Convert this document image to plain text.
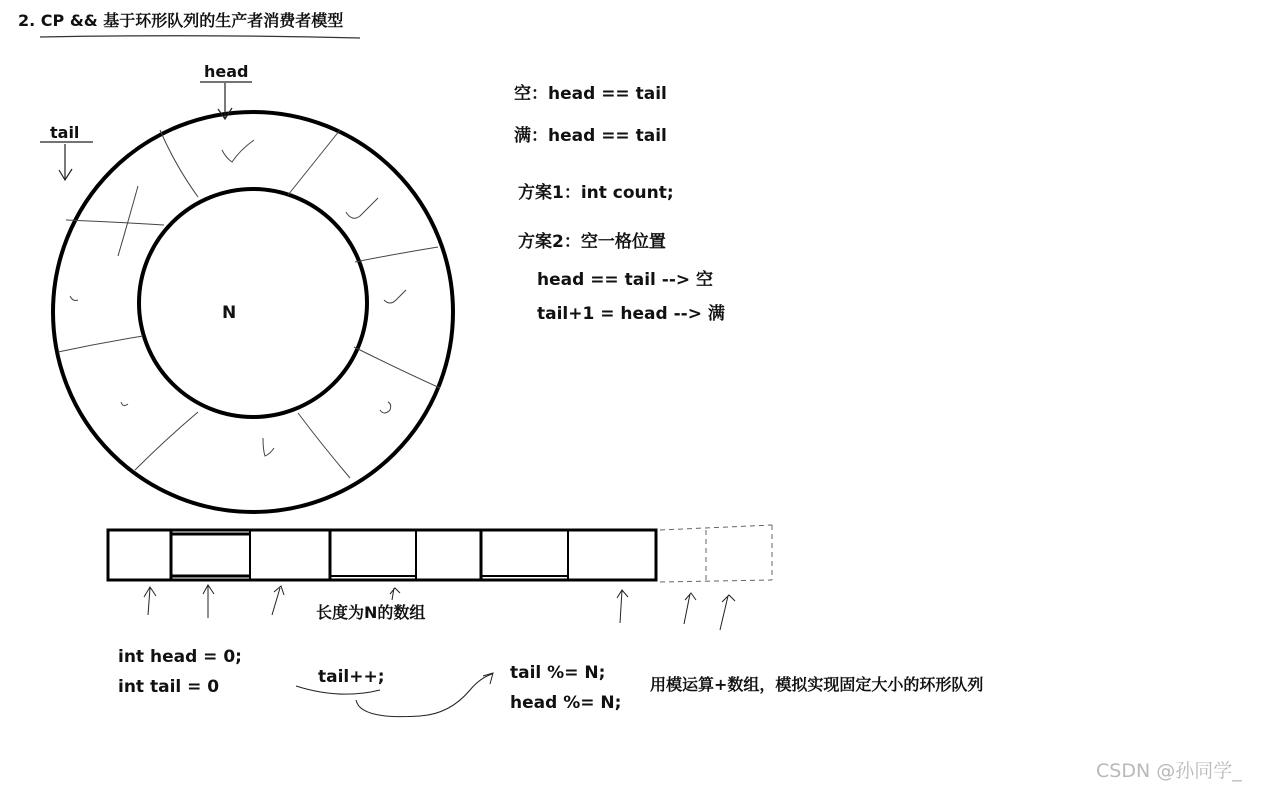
2. CP && 基于环形队列的生产者消费者模型
head
tail
N
空：head == tail
满：head == tail
方案1：int count;
方案2：空一格位置
head == tail --> 空
tail+1 = head --> 满
长度为N的数组
int head = 0;
int tail = 0	tail++;	tail %= N;
head %= N;
用模运算+数组，模拟实现固定大小的环形队列
CSDN @孙同学_
